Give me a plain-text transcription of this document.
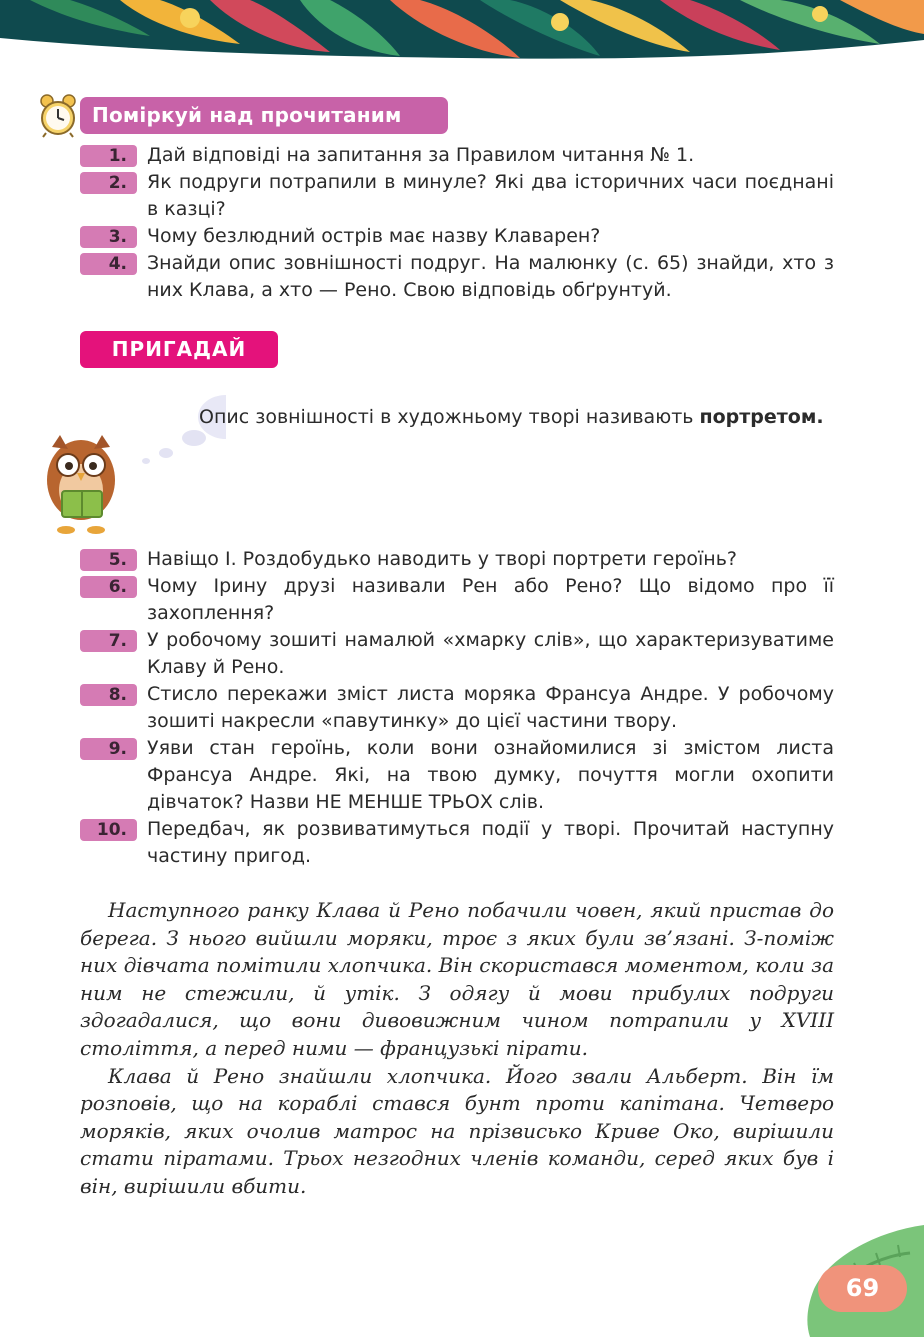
Поміркуй над прочитаним
1.	Дай відповіді на запитання за Правилом читання № 1.
2.	Як подруги потрапили в минуле? Які два історичних часи поєднані в казці?
3.	Чому безлюдний острів має назву Клаварен?
4.	Знайди опис зовнішності подруг. На малюнку (с. 65) знайди, хто з них Клава, а хто — Рено. Свою відповідь обґрунтуй.
ПРИГАДАЙ
Опис зовнішності в художньому творі називають портретом.
5.	Навіщо І. Роздобудько наводить у творі портрети героїнь?
6.	Чому Ірину друзі називали Рен або Рено? Що відомо про її захоплення?
7.	У робочому зошиті намалюй «хмарку слів», що характеризуватиме Клаву й Рено.
8.	Стисло перекажи зміст листа моряка Франсуа Андре. У робочому зошиті накресли «павутинку» до цієї частини твору.
9.	Уяви стан героїнь, коли вони ознайомилися зі змістом листа Франсуа Андре. Які, на твою думку, почуття могли охопити дівчаток? Назви НЕ МЕНШЕ ТРЬОХ слів.
10.	Передбач, як розвиватимуться події у творі. Прочитай наступну частину пригод.

Наступного ранку Клава й Рено побачили човен, який пристав до берега. З нього вийшли моряки, троє з яких були зв’язані. З-поміж них дівчата помітили хлопчика. Він скористався моментом, коли за ним не стежили, й утік. З одягу й мови прибулих подруги здогадалися, що вони дивовижним чином потрапили у XVIII століття, а перед ними — французькі пірати.

Клава й Рено знайшли хлопчика. Його звали Альберт. Він їм розповів, що на кораблі стався бунт проти капітана. Четверо моряків, яких очолив матрос на прізвисько Криве Око, вирішили стати піратами. Трьох незгодних членів команди, серед яких був і він, вирішили вбити.

69
